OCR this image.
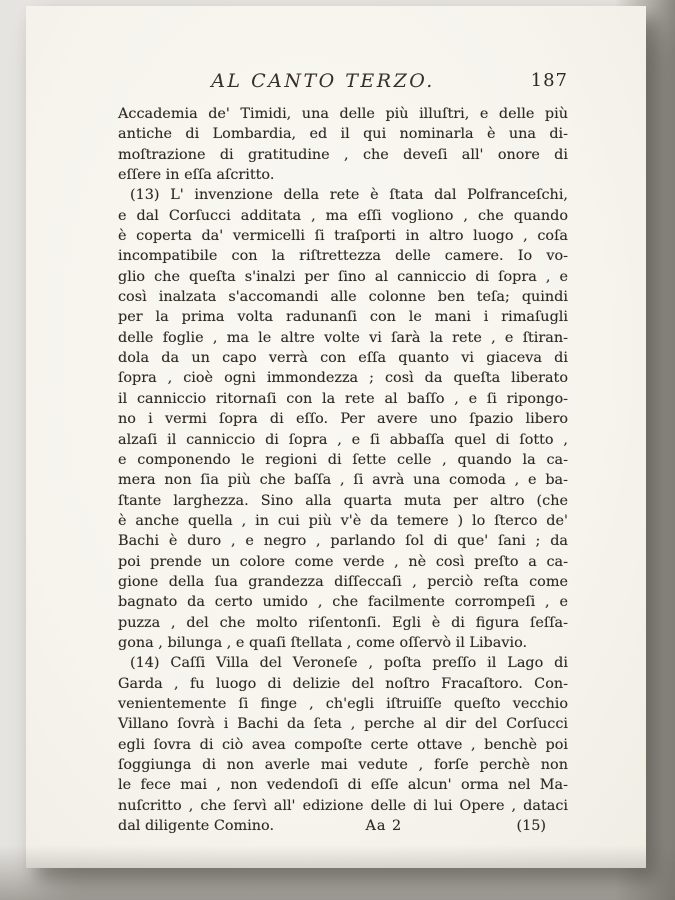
AL CANTO TERZO.	187
Accademia de' Timidi, una delle più illuſtri, e delle più
antiche di Lombardia, ed il qui nominarla è una di-
moſtrazione di gratitudine , che deveſi all' onore di
eſſere in eſſa aſcritto.
(13) L' invenzione della rete è ſtata dal Polfranceſchi,
e dal Corſucci additata , ma eſſi vogliono , che quando
è coperta da' vermicelli ſi traſporti in altro luogo , coſa
incompatibile con la riſtrettezza delle camere. Io vo-
glio che queſta s'inalzi per ſino al canniccio di ſopra , e
così inalzata s'accomandi alle colonne ben teſa; quindi
per la prima volta radunanſi con le mani i rimaſugli
delle foglie , ma le altre volte vi ſarà la rete , e ſtiran-
dola da un capo verrà con eſſa quanto vi giaceva di
ſopra , cioè ogni immondezza ; così da queſta liberato
il canniccio ritornaſi con la rete al baſſo , e ſi ripongo-
no i vermi ſopra di eſſo. Per avere uno ſpazio libero
alzaſi il canniccio di ſopra , e ſi abbaſſa quel di ſotto ,
e componendo le regioni di ſette celle , quando la ca-
mera non ſia più che baſſa , ſi avrà una comoda , e ba-
ſtante larghezza. Sino alla quarta muta per altro (che
è anche quella , in cui più v'è da temere ) lo ſterco de'
Bachi è duro , e negro , parlando ſol di que' ſani ; da
poi prende un colore come verde , nè così preſto a ca-
gione della ſua grandezza diſſeccaſi , perciò reſta come
bagnato da certo umido , che facilmente corrompeſi , e
puzza , del che molto riſentonſi. Egli è di figura ſeſſa-
gona , bilunga , e quaſi ſtellata , come oſſervò il Libavio.
(14) Caſſi Villa del Veroneſe , poſta preſſo il Lago di
Garda , fu luogo di delizie del noſtro Fracaſtoro. Con-
venientemente ſi finge , ch'egli iſtruiſſe queſto vecchio
Villano ſovrà i Bachi da ſeta , perche al dir del Corſucci
egli ſovra di ciò avea compoſte certe ottave , benchè poi
ſoggiunga di non averle mai vedute , forſe perchè non
le fece mai , non vedendoſi di eſſe alcun' orma nel Ma-
nuſcritto , che ſervì all' edizione delle di lui Opere , dataci
dal diligente Comino.	Aa 2	(15)
